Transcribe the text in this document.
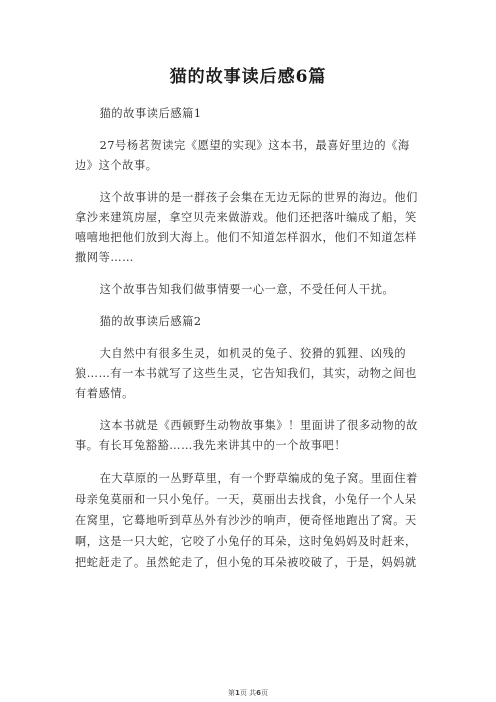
猫的故事读后感6篇

猫的故事读后感篇1

27号杨茗贺读完《愿望的实现》这本书，最喜好里边的《海边》这个故事。

这个故事讲的是一群孩子会集在无边无际的世界的海边。他们拿沙来建筑房屋，拿空贝壳来做游戏。他们还把落叶编成了船，笑嘻嘻地把他们放到大海上。他们不知道怎样泅水，他们不知道怎样撒网等……

这个故事告知我们做事情要一心一意，不受任何人干扰。

猫的故事读后感篇2

大自然中有很多生灵，如机灵的兔子、狡猾的狐狸、凶残的狼……有一本书就写了这些生灵，它告知我们，其实，动物之间也有着感情。

这本书就是《西顿野生动物故事集》！里面讲了很多动物的故事。有长耳兔豁豁……我先来讲其中的一个故事吧！

在大草原的一丛野草里，有一个野草编成的兔子窝。里面住着母亲兔莫丽和一只小兔仔。一天，莫丽出去找食，小兔仔一个人呆在窝里，它蓦地听到草丛外有沙沙的响声，便奇怪地跑出了窝。天啊，这是一只大蛇，它咬了小兔仔的耳朵，这时兔妈妈及时赶来，把蛇赶走了。虽然蛇走了，但小兔的耳朵被咬破了，于是，妈妈就

第1页 共6页
